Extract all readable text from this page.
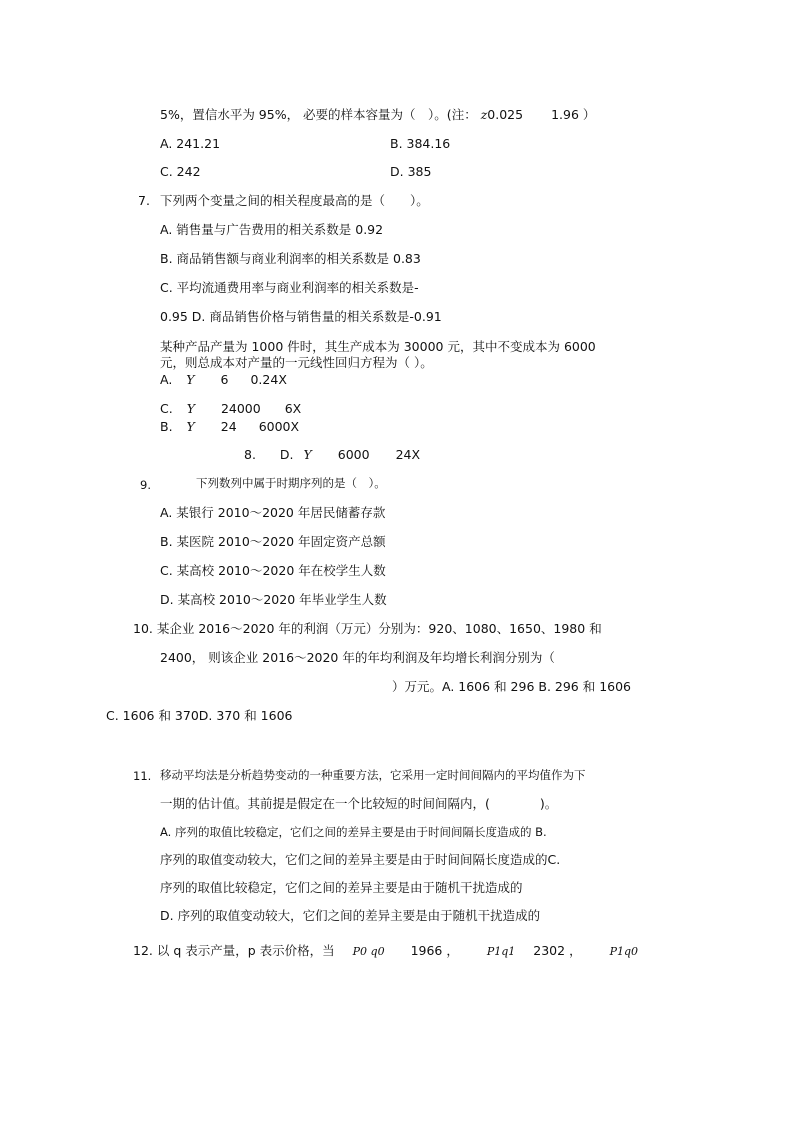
5%，置信水平为 95%， 必要的样本容量为（　）。(注： z0.025 1.96 ）
A. 241.21	B. 384.16
C. 242	D. 385
7. 下列两个变量之间的相关程度最高的是（　　）。
A. 销售量与广告费用的相关系数是 0.92
B. 商品销售额与商业利润率的相关系数是 0.83
C. 平均流通费用率与商业利润率的相关系数是-
0.95 D. 商品销售价格与销售量的相关系数是-0.91
某种产品产量为 1000 件时，其生产成本为 30000 元，其中不变成本为 6000
元，则总成本对产量的一元线性回归方程为（ ）。
A. Y 6 0.24X
C. Y 24000 6X
B. Y 24 6000X
8. D. Y 6000 24X
9.	下列数列中属于时期序列的是（　）。
A. 某银行 2010～2020 年居民储蓄存款
B. 某医院 2010～2020 年固定资产总额
C. 某高校 2010～2020 年在校学生人数
D. 某高校 2010～2020 年毕业学生人数
10. 某企业 2016～2020 年的利润（万元）分别为：920、1080、1650、1980 和
2400， 则该企业 2016～2020 年的年均利润及年均增长利润分别为（
）万元。A. 1606 和 296 B. 296 和 1606
C. 1606 和 370D. 370 和 1606
11. 移动平均法是分析趋势变动的一种重要方法，它采用一定时间间隔内的平均值作为下
一期的估计值。其前提是假定在一个比较短的时间间隔内，(　　　　)。
A. 序列的取值比较稳定，它们之间的差异主要是由于时间间隔长度造成的 B.
序列的取值变动较大，它们之间的差异主要是由于时间间隔长度造成的C.
序列的取值比较稳定，它们之间的差异主要是由于随机干扰造成的
D. 序列的取值变动较大，它们之间的差异主要是由于随机干扰造成的
12. 以 q 表示产量，p 表示价格，当 P0 q0 1966 ，	P1q1 2302 ，	P1q0
